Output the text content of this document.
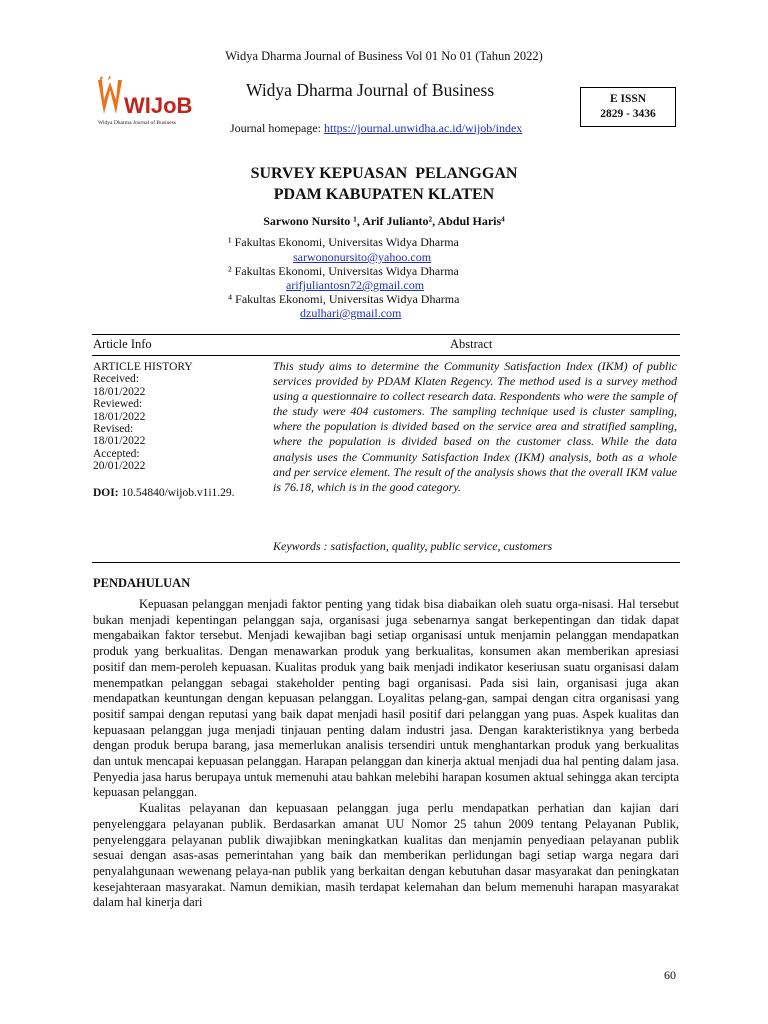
Widya Dharma Journal of Business Vol 01 No 01 (Tahun 2022)
WIJoB
Widya Dharma Journal of Business
Widya Dharma Journal of Business
Journal homepage: https://journal.unwidha.ac.id/wijob/index
E ISSN
2829 - 3436
SURVEY KEPUASAN  PELANGGAN
PDAM KABUPATEN KLATEN
Sarwono Nursito ¹, Arif Julianto², Abdul Haris⁴
¹ Fakultas Ekonomi, Universitas Widya Dharma
sarwononursito@yahoo.com
² Fakultas Ekonomi, Universitas Widya Dharma
arifjuliantosn72@gmail.com
⁴ Fakultas Ekonomi, Universitas Widya Dharma
dzulhari@gmail.com
Article Info	Abstract
ARTICLE HISTORY
Received:
18/01/2022
Reviewed:
18/01/2022
Revised:
18/01/2022
Accepted:
20/01/2022
DOI: 10.54840/wijob.v1i1.29.

This study aims to determine the Community Satisfaction Index (IKM) of public services provided by PDAM Klaten Regency. The method used is a survey method using a questionnaire to collect research data. Respondents who were the sample of the study were 404 customers. The sampling technique used is cluster sampling, where the population is divided based on the service area and stratified sampling, where the population is divided based on the customer class. While the data analysis uses the Community Satisfaction Index (IKM) analysis, both as a whole and per service element. The result of the analysis shows that the overall IKM value is 76.18, which is in the good category.

Keywords : satisfaction, quality, public service, customers
PENDAHULUAN

Kepuasan pelanggan menjadi faktor penting yang tidak bisa diabaikan oleh suatu orga-nisasi. Hal tersebut bukan menjadi kepentingan pelanggan saja, organisasi juga sebenarnya sangat berkepentingan dan tidak dapat mengabaikan faktor tersebut. Menjadi kewajiban bagi setiap organisasi untuk menjamin pelanggan mendapatkan produk yang berkualitas. Dengan menawarkan produk yang berkualitas, konsumen akan memberikan apresiasi positif dan mem-peroleh kepuasan. Kualitas produk yang baik menjadi indikator keseriusan suatu organisasi dalam menempatkan pelanggan sebagai stakeholder penting bagi organisasi. Pada sisi lain, organisasi juga akan mendapatkan keuntungan dengan kepuasan pelanggan. Loyalitas pelang-gan, sampai dengan citra organisasi yang positif sampai dengan reputasi yang baik dapat menjadi hasil positif dari pelanggan yang puas. Aspek kualitas dan kepuasaan pelanggan juga menjadi tinjauan penting dalam industri jasa. Dengan karakteristiknya yang berbeda dengan produk berupa barang, jasa memerlukan analisis tersendiri untuk menghantarkan produk yang berkualitas dan untuk mencapai kepuasan pelanggan. Harapan pelanggan dan kinerja aktual menjadi dua hal penting dalam jasa. Penyedia jasa harus berupaya untuk memenuhi atau bahkan melebihi harapan kosumen aktual sehingga akan tercipta kepuasan pelanggan.

Kualitas pelayanan dan kepuasaan pelanggan juga perlu mendapatkan perhatian dan kajian dari penyelenggara pelayanan publik. Berdasarkan amanat UU Nomor 25 tahun 2009 tentang Pelayanan Publik, penyelenggara pelayanan publik diwajibkan meningkatkan kualitas dan menjamin penyediaan pelayanan publik sesuai dengan asas-asas pemerintahan yang baik dan memberikan perlidungan bagi setiap warga negara dari penyalahgunaan wewenang pelaya-nan publik yang berkaitan dengan kebutuhan dasar masyarakat dan peningkatan kesejahteraan masyarakat. Namun demikian, masih terdapat kelemahan dan belum memenuhi harapan masyarakat dalam hal kinerja dari

60
